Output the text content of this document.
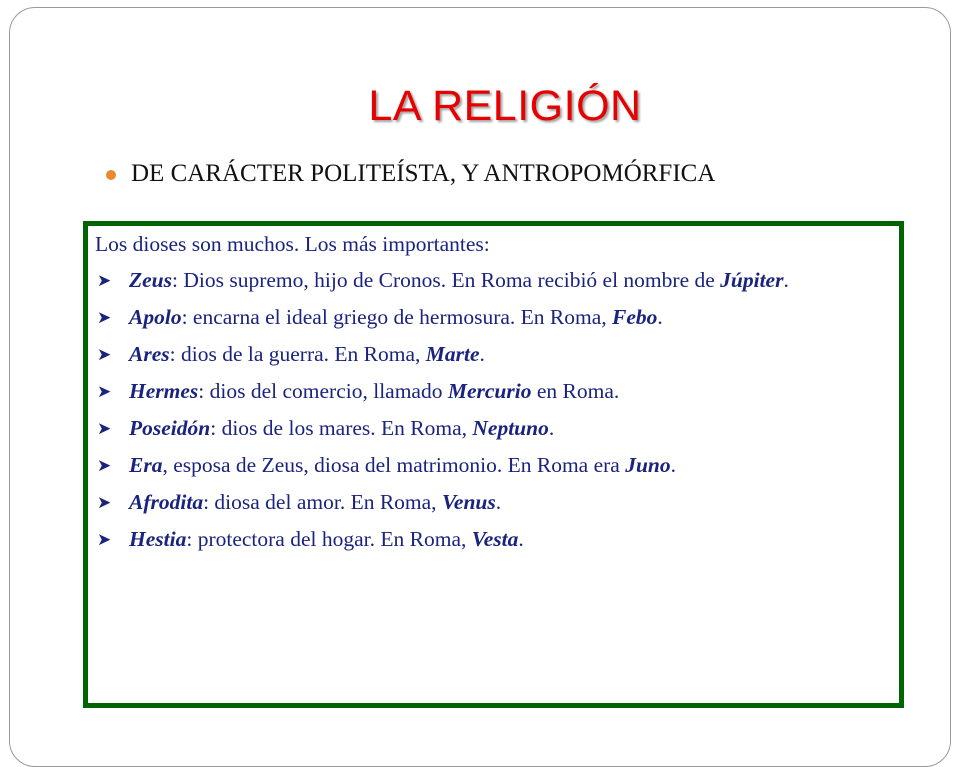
LA RELIGIÓN
DE CARÁCTER POLITEÍSTA, Y ANTROPOMÓRFICA
Los dioses son muchos. Los más importantes:
➤ Zeus: Dios supremo, hijo de Cronos. En Roma recibió el nombre de Júpiter.
➤ Apolo: encarna el ideal griego de hermosura. En Roma, Febo.
➤ Ares: dios de la guerra. En Roma, Marte.
➤ Hermes: dios del comercio, llamado Mercurio en Roma.
➤ Poseidón: dios de los mares. En Roma, Neptuno.
➤ Era, esposa de Zeus, diosa del matrimonio. En Roma era Juno.
➤ Afrodita: diosa del amor. En Roma, Venus.
➤ Hestia: protectora del hogar. En Roma, Vesta.
